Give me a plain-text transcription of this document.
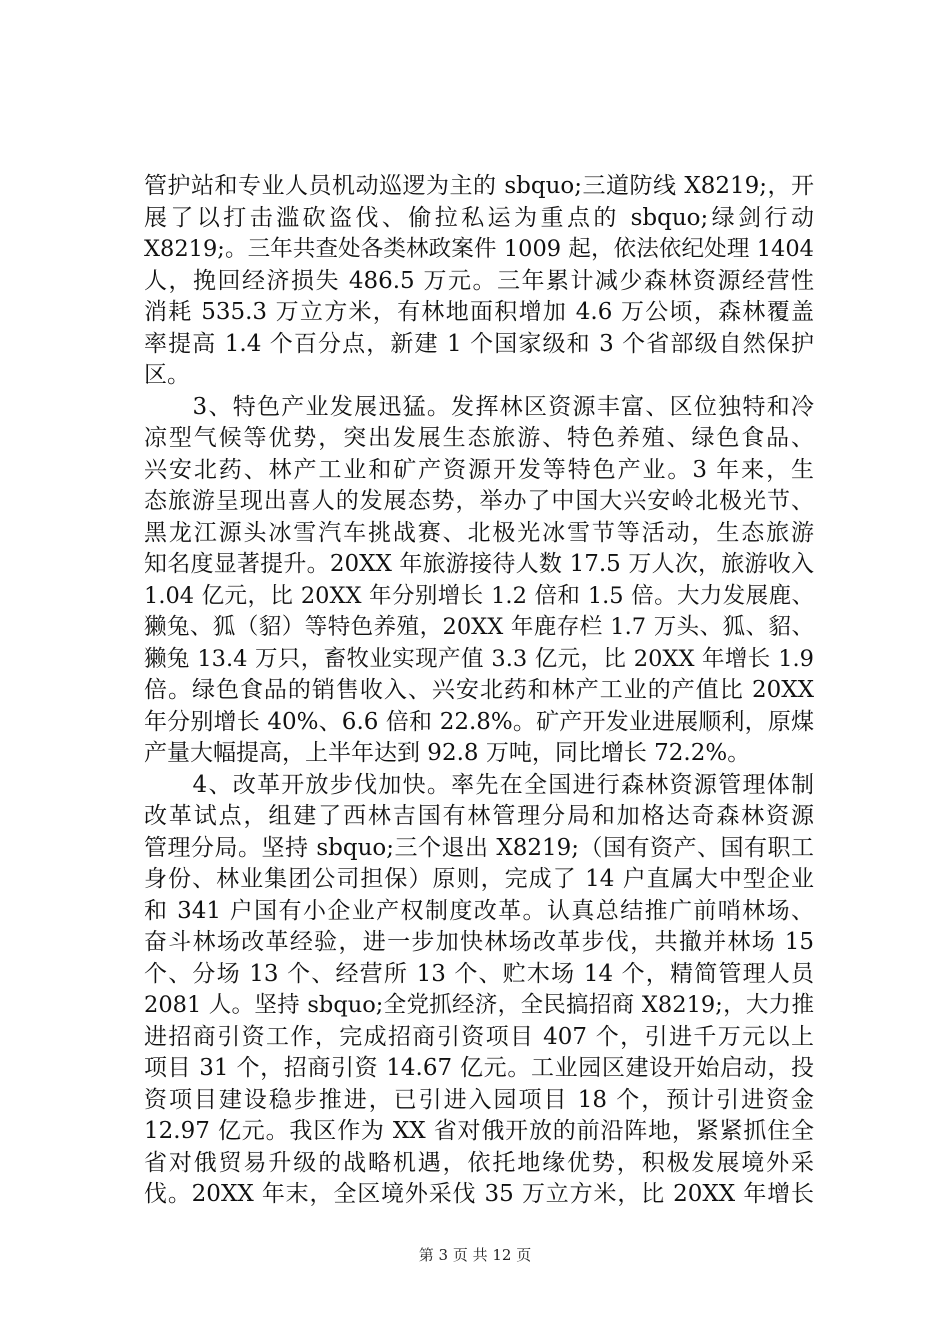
管护站和专业人员机动巡逻为主的 sbquo;三道防线 X8219;，开
展了以打击滥砍盗伐、偷拉私运为重点的 sbquo;绿剑行动
X8219;。三年共查处各类林政案件 1009 起，依法依纪处理 1404
人，挽回经济损失 486.5 万元。三年累计减少森林资源经营性
消耗 535.3 万立方米，有林地面积增加 4.6 万公顷，森林覆盖
率提高 1.4 个百分点，新建 1 个国家级和 3 个省部级自然保护
区。
　　3、特色产业发展迅猛。发挥林区资源丰富、区位独特和冷
凉型气候等优势，突出发展生态旅游、特色养殖、绿色食品、
兴安北药、林产工业和矿产资源开发等特色产业。3 年来，生
态旅游呈现出喜人的发展态势，举办了中国大兴安岭北极光节、
黑龙江源头冰雪汽车挑战赛、北极光冰雪节等活动，生态旅游
知名度显著提升。20XX 年旅游接待人数 17.5 万人次，旅游收入
1.04 亿元，比 20XX 年分别增长 1.2 倍和 1.5 倍。大力发展鹿、
獭兔、狐（貂）等特色养殖，20XX 年鹿存栏 1.7 万头、狐、貂、
獭兔 13.4 万只，畜牧业实现产值 3.3 亿元，比 20XX 年增长 1.9
倍。绿色食品的销售收入、兴安北药和林产工业的产值比 20XX
年分别增长 40%、6.6 倍和 22.8%。矿产开发业进展顺利，原煤
产量大幅提高，上半年达到 92.8 万吨，同比增长 72.2%。
　　4、改革开放步伐加快。率先在全国进行森林资源管理体制
改革试点，组建了西林吉国有林管理分局和加格达奇森林资源
管理分局。坚持 sbquo;三个退出 X8219;（国有资产、国有职工
身份、林业集团公司担保）原则，完成了 14 户直属大中型企业
和 341 户国有小企业产权制度改革。认真总结推广前哨林场、
奋斗林场改革经验，进一步加快林场改革步伐，共撤并林场 15
个、分场 13 个、经营所 13 个、贮木场 14 个，精简管理人员
2081 人。坚持 sbquo;全党抓经济，全民搞招商 X8219;，大力推
进招商引资工作，完成招商引资项目 407 个，引进千万元以上
项目 31 个，招商引资 14.67 亿元。工业园区建设开始启动，投
资项目建设稳步推进，已引进入园项目 18 个，预计引进资金
12.97 亿元。我区作为 XX 省对俄开放的前沿阵地，紧紧抓住全
省对俄贸易升级的战略机遇，依托地缘优势，积极发展境外采
伐。20XX 年末，全区境外采伐 35 万立方米，比 20XX 年增长
第 3 页 共 12 页
